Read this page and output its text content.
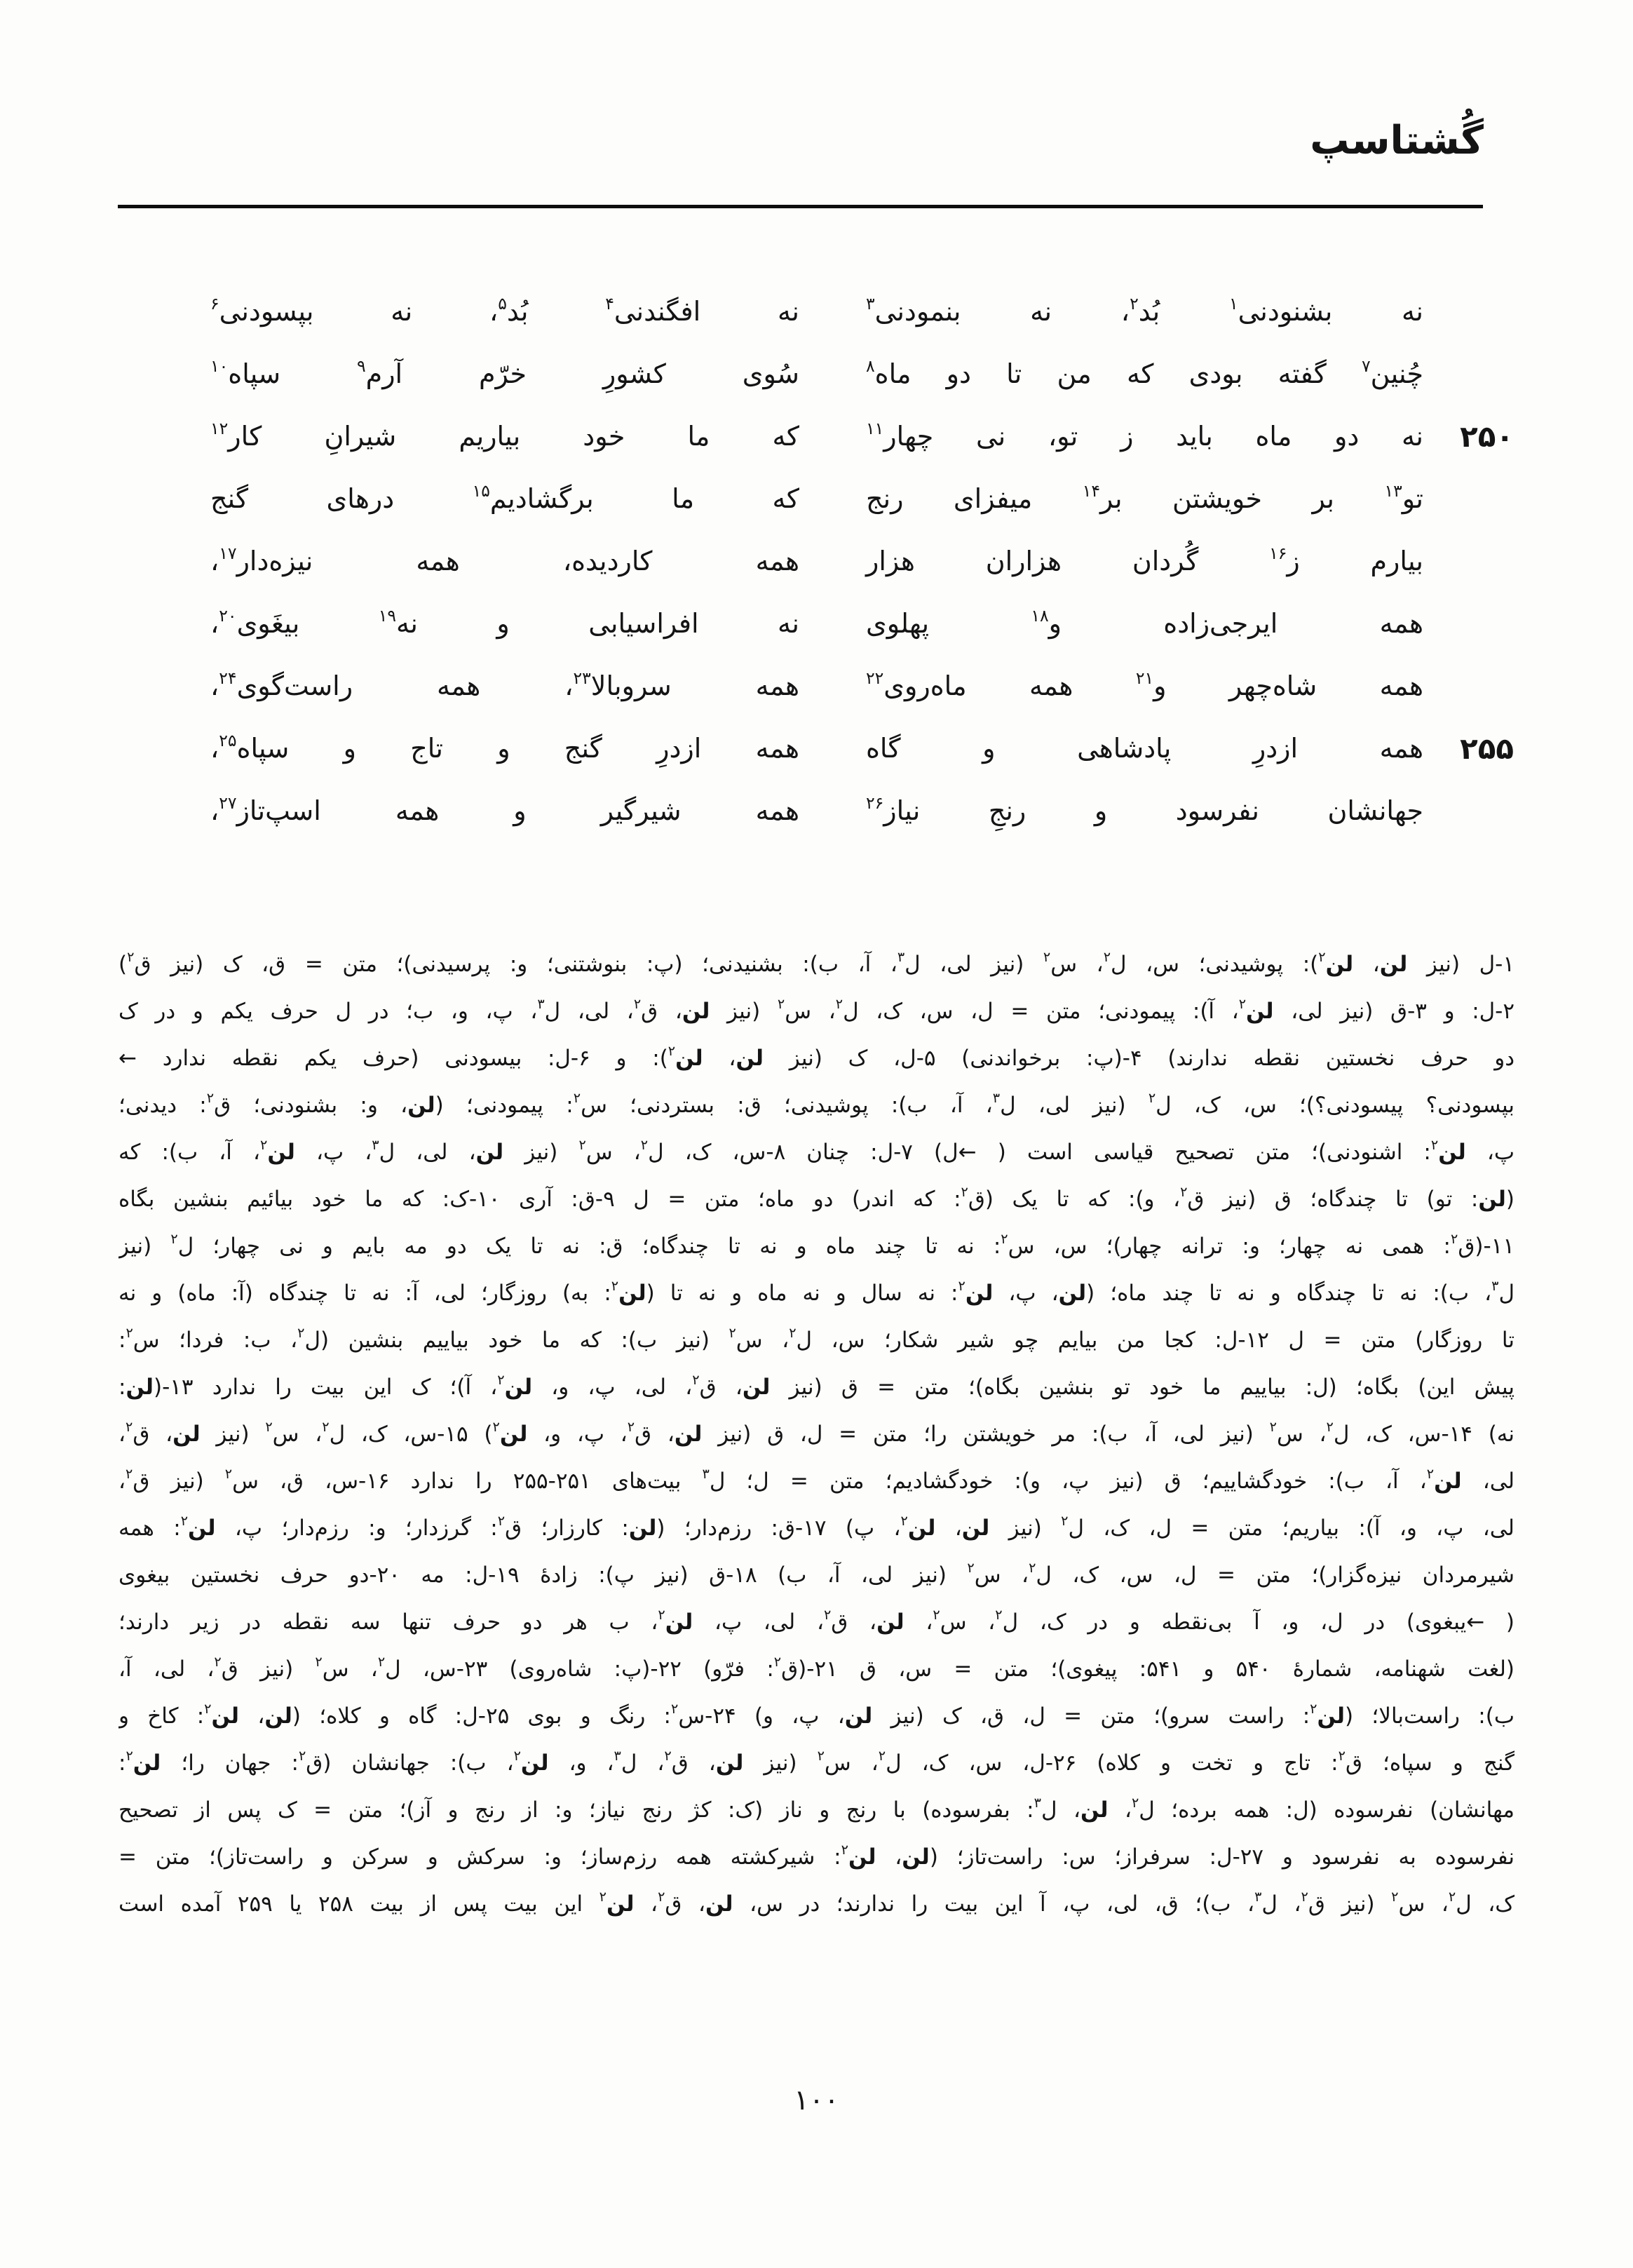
گُشتاسپ
نه بشنودنی$^۱$ بُد$^۲$، نه بنمودنی$^۳$
نه افگندنی$^۴$ بُد$^۵$، نه بپسودنی$^۶$
چُنین$^۷$ گفته بودی که من تا دو ماه$^۸$
سُوی کشورِ خرّم آرم$^۹$ سپاه$^{۱۰}$
۲۵۰
نه دو ماه باید ز تو، نی چهار$^{۱۱}$
که ما خود بیاریم شیرانِ کار$^{۱۲}$
تو$^{۱۳}$ بر خویشتن بر$^{۱۴}$ میفزای رنج
که ما برگشادیم$^{۱۵}$ درهای گنج
بیارم ز$^{۱۶}$ گُردان هزاران هزار
همه کاردیده، همه نیزه‌دار$^{۱۷}$،
همه ایرجی‌زاده و$^{۱۸}$ پهلوی
نه افراسیابی و نه$^{۱۹}$ بیغَوی$^{۲۰}$،
همه شاه‌چهر و$^{۲۱}$ همه ماه‌روی$^{۲۲}$
همه سروبالا$^{۲۳}$، همه راست‌گوی$^{۲۴}$،
۲۵۵
همه ازدرِ پادشاهی و گاه
همه ازدرِ گنج و تاج و سپاه$^{۲۵}$،
جهانشان نفرسود و رنجِ نیاز$^{۲۶}$
همه شیرگیر و همه اسپ‌تاز$^{۲۷}$،
۱-ل (نیز لن، لن$^۲$): پوشیدنی؛ س، ل$^۲$، س$^۲$ (نیز لی، ل$^۳$، آ، ب): بشنیدنی؛ (پ: بنوشتنی؛ و: پرسیدنی)؛ متن = ق، ک (نیز ق$^۲$)
۲-ل: و ۳-ق (نیز لی، لن$^۲$، آ): پیمودنی؛ متن = ل، س، ک، ل$^۲$، س$^۲$ (نیز لن، ق$^۲$، لی، ل$^۳$، پ، و، ب؛ در ل حرف یکم و در ک
دو حرف نخستین نقطه ندارند) ۴-(پ: برخواندنی) ۵-ل، ک (نیز لن، لن$^۲$): و ۶-ل: بیسودنی (حرف یکم نقطه ندارد ←
بپسودنی؟ پیسودنی؟)؛ س، ک، ل$^۲$ (نیز لی، ل$^۳$، آ، ب): پوشیدنی؛ ق: بستردنی؛ س$^۲$: پیمودنی؛ (لن، و: بشنودنی؛ ق$^۲$: دیدنی؛
پ، لن$^۲$: اشنودنی)؛ متن تصحیح قیاسی است ( ←ل) ۷-ل: چنان ۸-س، ک، ل$^۲$، س$^۲$ (نیز لن، لی، ل$^۳$، پ، لن$^۲$، آ، ب): که
(لن: تو) تا چندگاه؛ ق (نیز ق$^۲$، و): که تا یک (ق$^۲$: که اندر) دو ماه؛ متن = ل ۹-ق: آری ۱۰-ک: که ما خود بیائیم بنشین بگاه
۱۱-(ق$^۲$: همی نه چهار؛ و: ترانه چهار)؛ س، س$^۲$: نه تا چند ماه و نه تا چندگاه؛ ق: نه تا یک دو مه بایم و نی چهار؛ ل$^۲$ (نیز
ل$^۳$، ب): نه تا چندگاه و نه تا چند ماه؛ (لن، پ، لن$^۲$: نه سال و نه ماه و نه تا (لن$^۲$: به) روزگار؛ لی، آ: نه تا چندگاه (آ: ماه) و نه
تا روزگار) متن = ل ۱۲-ل: کجا من بیایم چو شیر شکار؛ س، ل$^۲$، س$^۲$ (نیز ب): که ما خود بیاییم بنشین (ل$^۲$، ب: فردا؛ س$^۲$:
پیش این) بگاه؛ (ل: بیاییم ما خود تو بنشین بگاه)؛ متن = ق (نیز لن، ق$^۲$، لی، پ، و، لن$^۲$، آ)؛ ک این بیت را ندارد ۱۳-(لن:
نه) ۱۴-س، ک، ل$^۲$، س$^۲$ (نیز لی، آ، ب): مر خویشتن را؛ متن = ل، ق (نیز لن، ق$^۲$، پ، و، لن$^۲$) ۱۵-س، ک، ل$^۲$، س$^۲$ (نیز لن، ق$^۲$،
لی، لن$^۲$، آ، ب): خودگشاییم؛ ق (نیز پ، و): خودگشادیم؛ متن = ل؛ ل$^۳$ بیت‌های ۲۵۱-۲۵۵ را ندارد ۱۶-س، ق، س$^۲$ (نیز ق$^۲$،
لی، پ، و، آ): بیاریم؛ متن = ل، ک، ل$^۲$ (نیز لن، لن$^۲$، پ) ۱۷-ق: رزم‌دار؛ (لن: کارزار؛ ق$^۲$: گرزدار؛ و: رزم‌دار؛ پ، لن$^۲$: همه
شیرمردان نیزه‌گزار)؛ متن = ل، س، ک، ل$^۲$، س$^۲$ (نیز لی، آ، ب) ۱۸-ق (نیز پ): زادهٔ ۱۹-ل: مه ۲۰-دو حرف نخستین بیغوی
( ←یبغوی) در ل، و، آ بی‌نقطه و در ک، ل$^۲$، س$^۲$، لن، ق$^۲$، لی، پ، لن$^۲$، ب هر دو حرف تنها سه نقطه در زیر دارند؛
(لغت شهنامه، شمارهٔ ۵۴۰ و ۵۴۱: پیغوی)؛ متن = س، ق ۲۱-(ق$^۲$: فرّو) ۲۲-(پ: شاه‌روی) ۲۳-س، ل$^۲$، س$^۲$ (نیز ق$^۲$، لی، آ،
ب): راست‌بالا؛ (لن$^۲$: راست سرو)؛ متن = ل، ق، ک (نیز لن، پ، و) ۲۴-س$^۲$: رنگ و بوی ۲۵-ل: گاه و کلاه؛ (لن، لن$^۲$: کاخ و
گنج و سپاه؛ ق$^۲$: تاج و تخت و کلاه) ۲۶-ل، س، ک، ل$^۲$، س$^۲$ (نیز لن، ق$^۲$، ل$^۳$، و، لن$^۲$، ب): جهانشان (ق$^۲$: جهان را؛ لن$^۲$:
مهانشان) نفرسوده (ل: همه برده؛ ل$^۲$، لن، ل$^۳$: بفرسوده) با رنج و ناز (ک: کژ رنج نیاز؛ و: از رنج و آز)؛ متن = ک پس از تصحیح
نفرسوده به نفرسود و ۲۷-ل: سرفراز؛ س: راست‌تاز؛ (لن، لن$^۲$: شیرکشته همه رزم‌ساز؛ و: سرکش و سرکن و راست‌تاز)؛ متن =
ک، ل$^۲$، س$^۲$ (نیز ق$^۲$، ل$^۳$، ب)؛ ق، لی، پ، آ این بیت را ندارند؛ در س، لن، ق$^۲$، لن$^۲$ این بیت پس از بیت ۲۵۸ یا ۲۵۹ آمده است
۱۰۰
